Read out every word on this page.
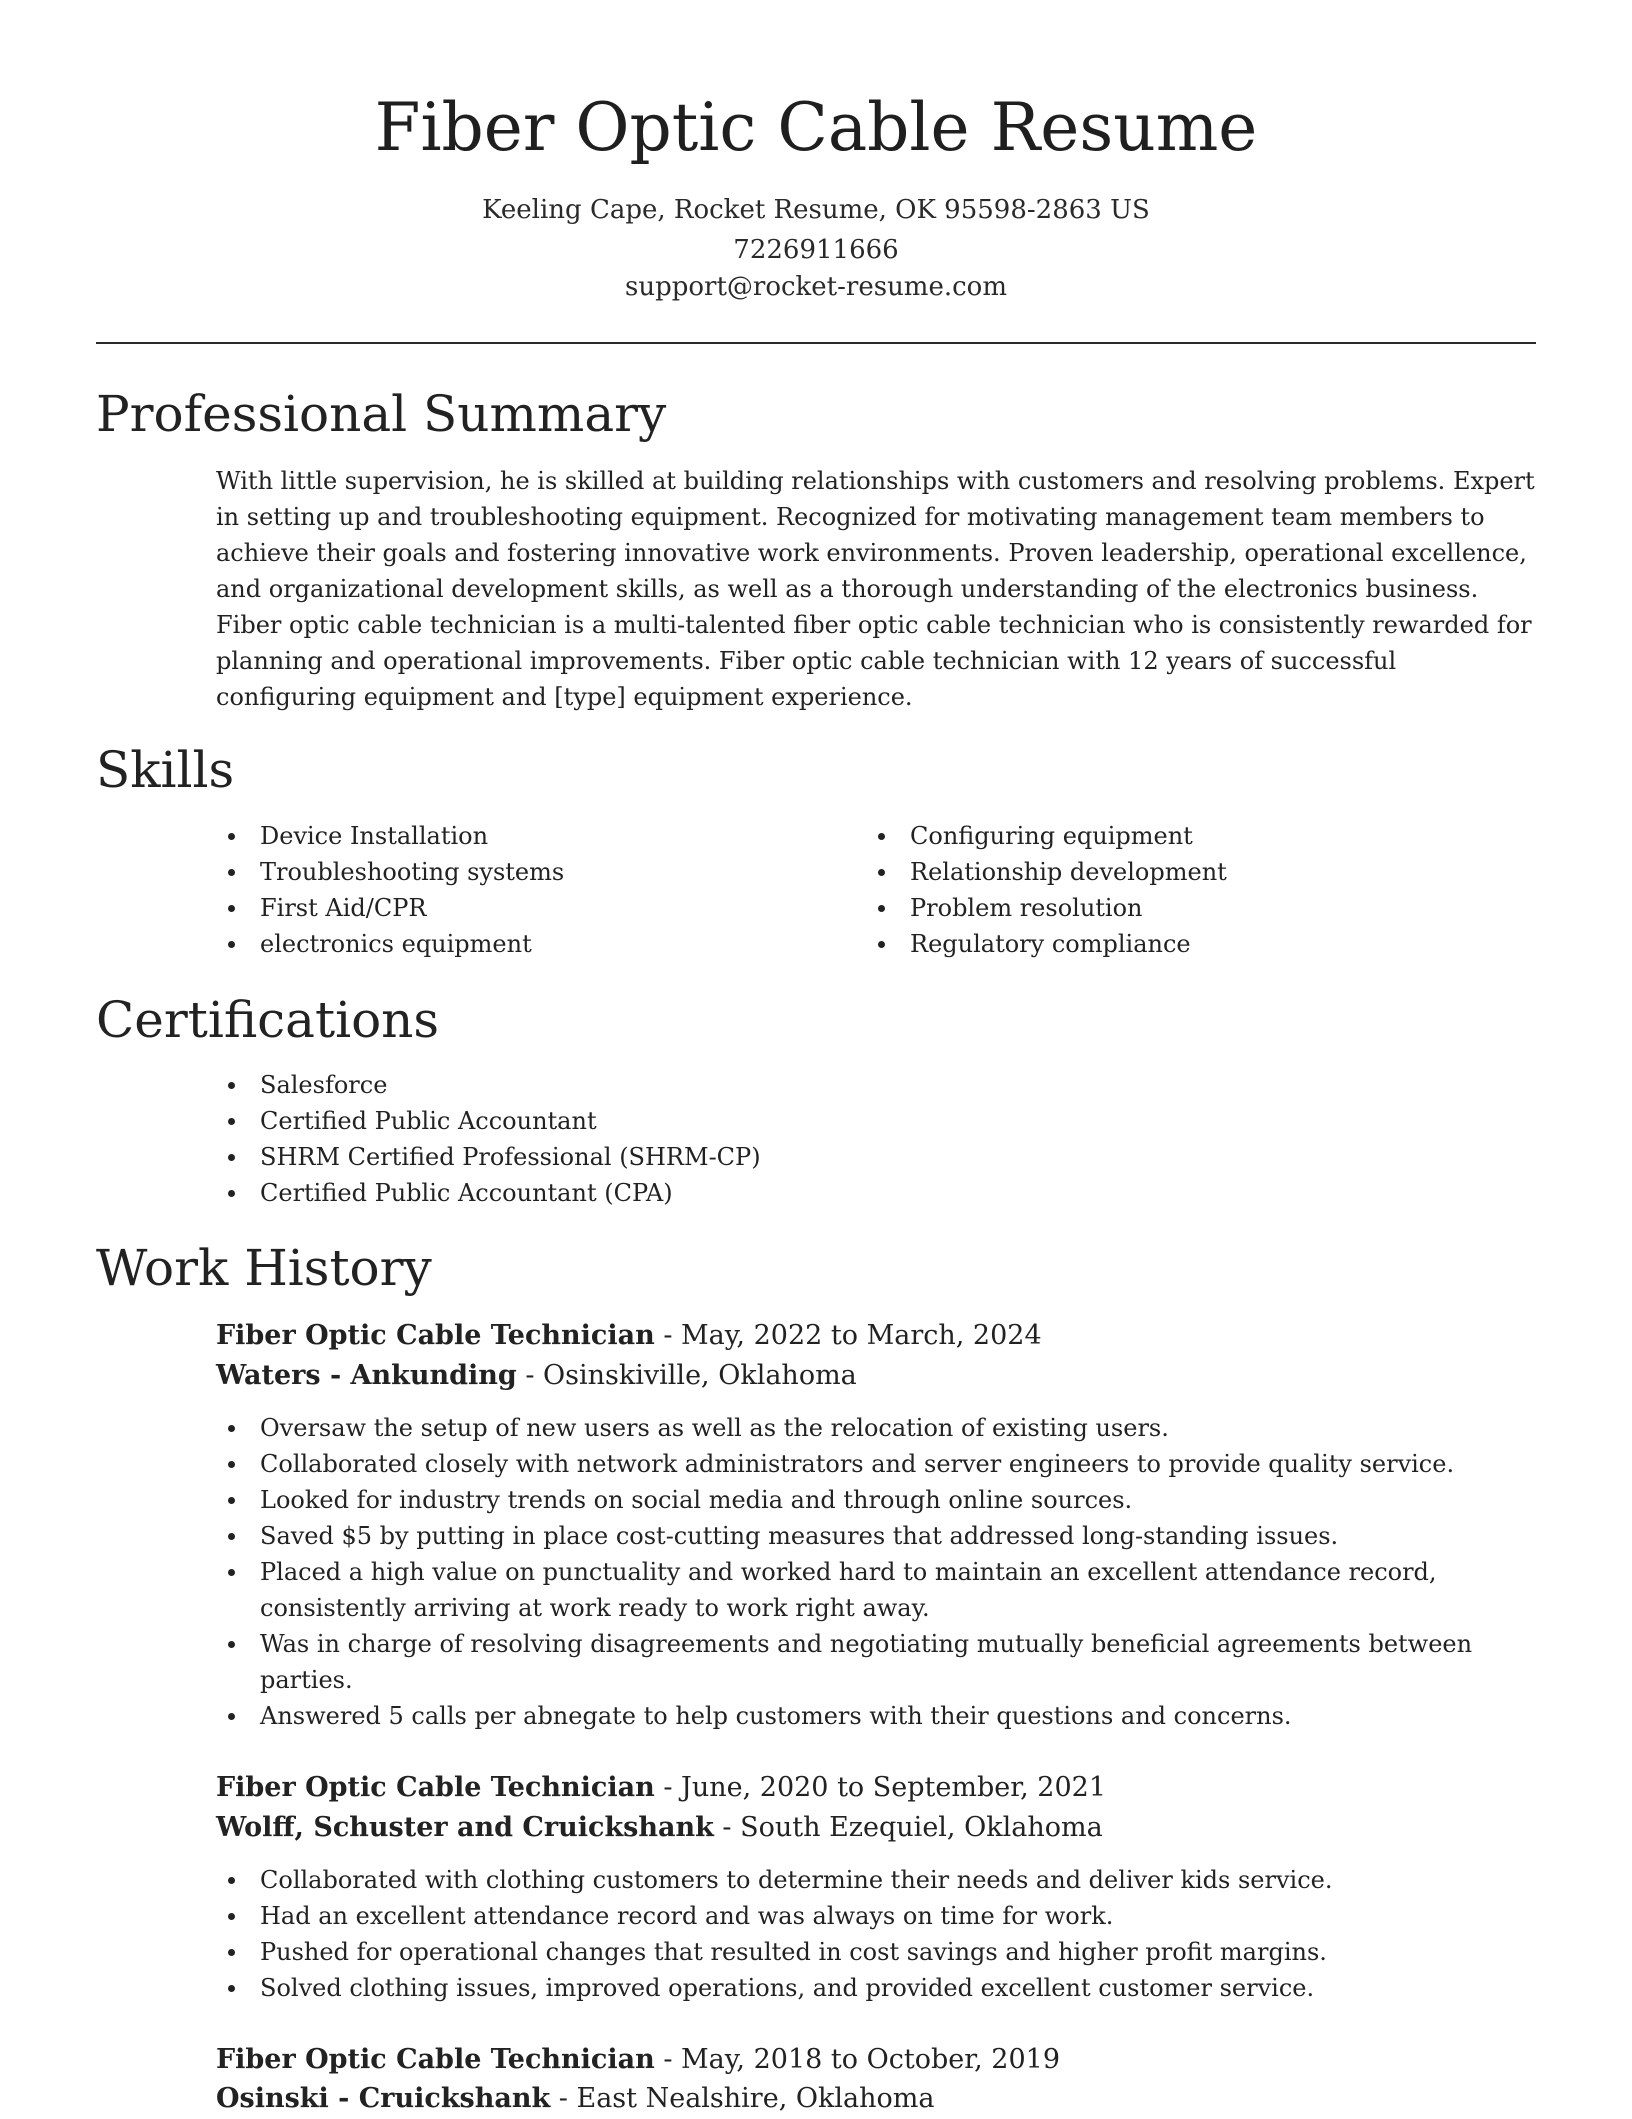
Fiber Optic Cable Resume
Keeling Cape, Rocket Resume, OK 95598-2863 US
7226911666
support@rocket-resume.com
Professional Summary
With little supervision, he is skilled at building relationships with customers and resolving problems. Expert in setting up and troubleshooting equipment. Recognized for motivating management team members to achieve their goals and fostering innovative work environments. Proven leadership, operational excellence, and organizational development skills, as well as a thorough understanding of the electronics business. Fiber optic cable technician is a multi-talented fiber optic cable technician who is consistently rewarded for planning and operational improvements. Fiber optic cable technician with 12 years of successful configuring equipment and [type] equipment experience.
Skills
Device Installation
Troubleshooting systems
First Aid/CPR
electronics equipment
Configuring equipment
Relationship development
Problem resolution
Regulatory compliance
Certifications
Salesforce
Certified Public Accountant
SHRM Certified Professional (SHRM-CP)
Certified Public Accountant (CPA)
Work History
Fiber Optic Cable Technician - May, 2022 to March, 2024
Waters - Ankunding - Osinskiville, Oklahoma
Oversaw the setup of new users as well as the relocation of existing users.
Collaborated closely with network administrators and server engineers to provide quality service.
Looked for industry trends on social media and through online sources.
Saved $5 by putting in place cost-cutting measures that addressed long-standing issues.
Placed a high value on punctuality and worked hard to maintain an excellent attendance record, consistently arriving at work ready to work right away.
Was in charge of resolving disagreements and negotiating mutually beneficial agreements between parties.
Answered 5 calls per abnegate to help customers with their questions and concerns.
Fiber Optic Cable Technician - June, 2020 to September, 2021
Wolff, Schuster and Cruickshank - South Ezequiel, Oklahoma
Collaborated with clothing customers to determine their needs and deliver kids service.
Had an excellent attendance record and was always on time for work.
Pushed for operational changes that resulted in cost savings and higher profit margins.
Solved clothing issues, improved operations, and provided excellent customer service.
Fiber Optic Cable Technician - May, 2018 to October, 2019
Osinski - Cruickshank - East Nealshire, Oklahoma
